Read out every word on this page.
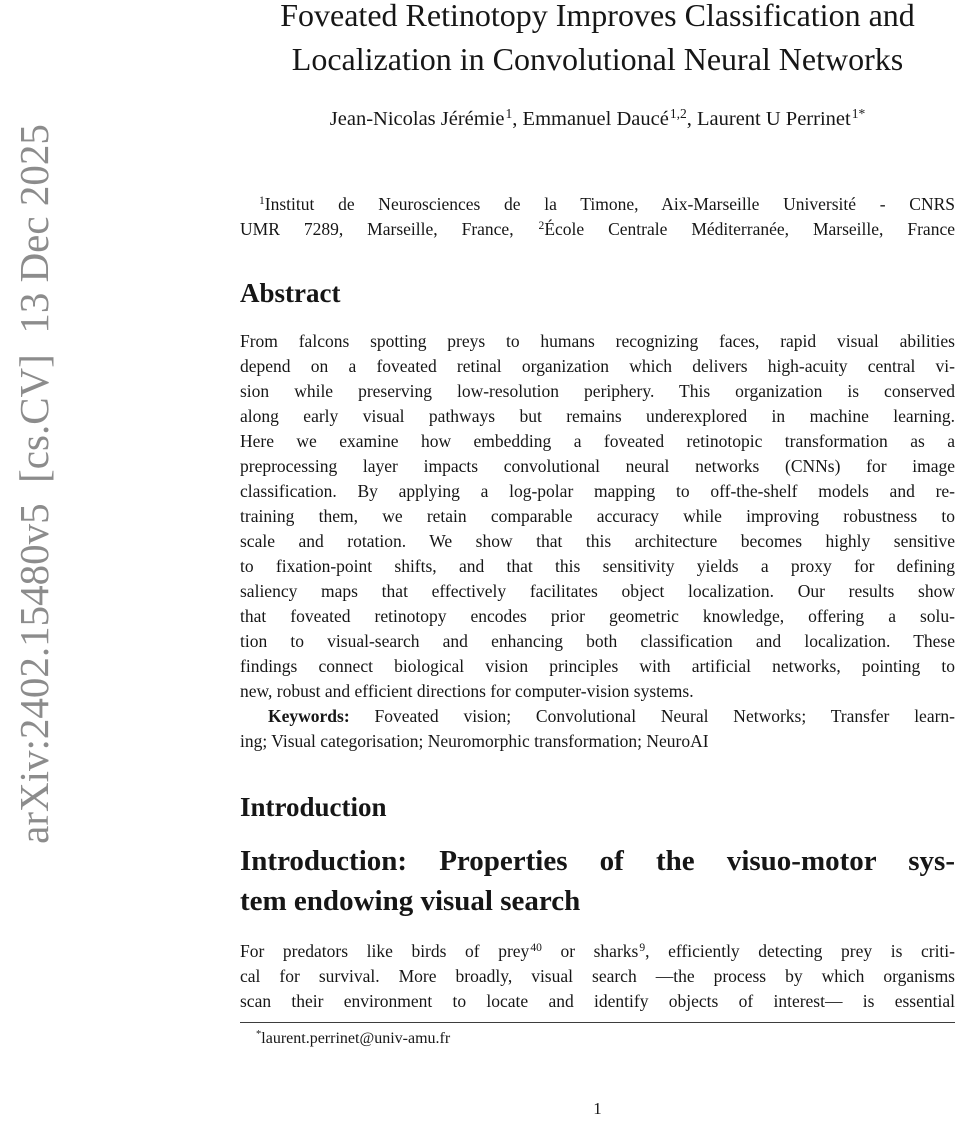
arXiv:2402.15480v5  [cs.CV]  13 Dec 2025
Foveated Retinotopy Improves Classification and
Localization in Convolutional Neural Networks
Jean-Nicolas Jérémie$^1$, Emmanuel Daucé$^{1,2}$, Laurent U Perrinet$^{1*}$
$^1$Institut de Neurosciences de la Timone, Aix-Marseille Université - CNRS
UMR 7289, Marseille, France, $^2$École Centrale Méditerranée, Marseille, France
Abstract
From falcons spotting preys to humans recognizing faces, rapid visual abilities
depend on a foveated retinal organization which delivers high-acuity central vi-
sion while preserving low-resolution periphery. This organization is conserved
along early visual pathways but remains underexplored in machine learning.
Here we examine how embedding a foveated retinotopic transformation as a
preprocessing layer impacts convolutional neural networks (CNNs) for image
classification. By applying a log-polar mapping to off-the-shelf models and re-
training them, we retain comparable accuracy while improving robustness to
scale and rotation. We show that this architecture becomes highly sensitive
to fixation-point shifts, and that this sensitivity yields a proxy for defining
saliency maps that effectively facilitates object localization. Our results show
that foveated retinotopy encodes prior geometric knowledge, offering a solu-
tion to visual-search and enhancing both classification and localization. These
findings connect biological vision principles with artificial networks, pointing to
new, robust and efficient directions for computer-vision systems.
Keywords: Foveated vision; Convolutional Neural Networks; Transfer learn-
ing; Visual categorisation; Neuromorphic transformation; NeuroAI
Introduction
Introduction: Properties of the visuo-motor sys-
tem endowing visual search
For predators like birds of prey$^{40}$ or sharks$^9$, efficiently detecting prey is criti-
cal for survival. More broadly, visual search —the process by which organisms
scan their environment to locate and identify objects of interest— is essential
*laurent.perrinet@univ-amu.fr
1
